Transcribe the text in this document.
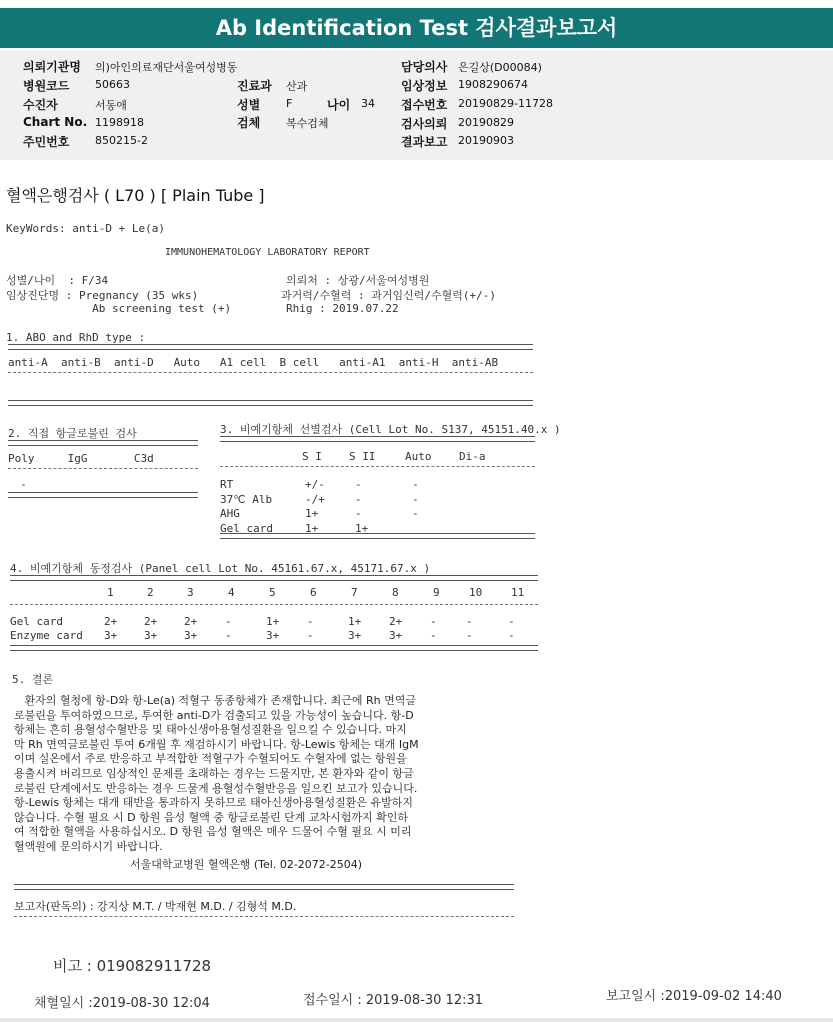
Ab Identification Test 검사결과보고서
의뢰기관명 의)아인의료재단서울여성병동	담당의사 은길상(D00084)
병원코드 50663	진료과 산과	임상정보 1908290674
수진자	서동애	성별 F	나이 34 접수번호 20190829-11728
Chart No. 1198918	검체 복수검체	검사의뢰 20190829
주민번호 850215-2	결과보고 20190903
혈액은행검사 ( L70 ) [ Plain Tube ]
KeyWords: anti-D + Le(a)
IMMUNOHEMATOLOGY LABORATORY REPORT
성별/나이  : F/34
임상진단명 : Pregnancy (35 wks)
Ab screening test (+)
의뢰처 : 상광/서울여성병원
과거력/수혈력 : 과거임신력/수혈력(+/-)
Rhig : 2019.07.22
1. ABO and RhD type :
anti-A  anti-B  anti-D   Auto   A1 cell  B cell   anti-A1  anti-H  anti-AB
2. 직접 항글로불린 검사
Poly     IgG       C3d
-
3. 비예기항체 선별검사 (Cell Lot No. S137, 45151.40.x )
S I S II	Auto	Di-a
RT	+/-	-	-
37℃ Alb	-/+	-	-
AHG	1+	-	-
Gel card	1+	1+
4. 비예기항체 동정검사 (Panel cell Lot No. 45161.67.x, 45171.67.x )
1	2	3	4	5	6	7	8	9	10	11
Gel card	2+ 2+ 2+	-	1+	-	1+	2+	-	-	-
Enzyme card 3+ 3+ 3+	-	3+	-	3+	3+	-	-	-
5. 결론
환자의 혈청에 항-D와 항-Le(a) 적혈구 동종항체가 존재합니다. 최근에 Rh 면역글
로불린을 투여하였으므로, 투여한 anti-D가 검출되고 있을 가능성이 높습니다. 항-D
항체는 흔히 용혈성수혈반응 및 태아신생아용혈성질환을 일으킬 수 있습니다. 마지
막 Rh 면역글로불린 투여 6개월 후 재검하시기 바랍니다. 항-Lewis 항체는 대개 IgM
이며 실온에서 주로 반응하고 부적합한 적혈구가 수혈되어도 수혈자에 없는 항원을
용출시켜 버리므로 임상적인 문제를 초래하는 경우는 드물지만, 본 환자와 같이 항글
로불린 단계에서도 반응하는 경우 드물게 용혈성수혈반응을 일으킨 보고가 있습니다.
항-Lewis 항체는 대개 태반을 통과하지 못하므로 태아신생아용혈성질환은 유발하지
않습니다. 수혈 필요 시 D 항원 음성 혈액 중 항글로불린 단계 교차시험까지 확인하
여 적합한 혈액을 사용하십시오. D 항원 음성 혈액은 매우 드물어 수혈 필요 시 미리
혈액원에 문의하시기 바랍니다.
서울대학교병원 혈액은행 (Tel. 02-2072-2504)
보고자(판독의) : 강지상 M.T. / 박재현 M.D. / 김형석 M.D.
비고 : 019082911728
채혈일시 :2019-08-30 12:04	접수일시 : 2019-08-30 12:31	보고일시 :2019-09-02 14:40
